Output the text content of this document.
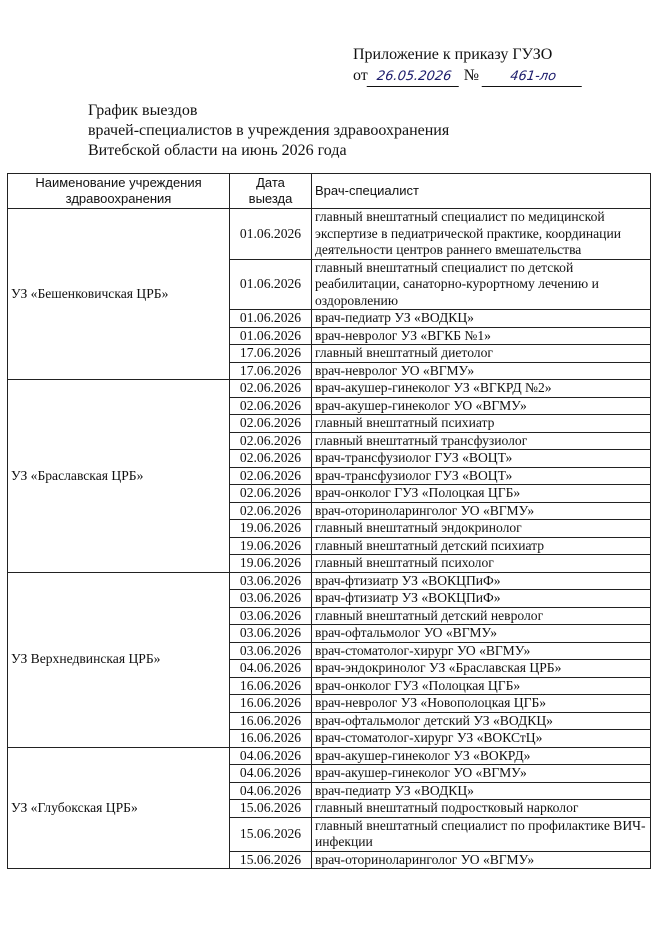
Приложение к приказу ГУЗО
от 26.05.2026 № 461-ло
График выездов
врачей-специалистов в учреждения здравоохранения
Витебской области на июнь 2026 года
Наименование учреждения здравоохранения	Дата выезда	Врач-специалист
УЗ «Бешенковичская ЦРБ»	01.06.2026	главный внештатный специалист по медицинской экспертизе в педиатрической практике, координации деятельности центров раннего вмешательства
	01.06.2026	главный внештатный специалист по детской реабилитации, санаторно-курортному лечению и оздоровлению
	01.06.2026	врач-педиатр УЗ «ВОДКЦ»
	01.06.2026	врач-невролог УЗ «ВГКБ №1»
	17.06.2026	главный внештатный диетолог
	17.06.2026	врач-невролог УО «ВГМУ»
УЗ «Браславская ЦРБ»	02.06.2026	врач-акушер-гинеколог УЗ «ВГКРД №2»
	02.06.2026	врач-акушер-гинеколог УО «ВГМУ»
	02.06.2026	главный внештатный психиатр
	02.06.2026	главный внештатный трансфузиолог
	02.06.2026	врач-трансфузиолог ГУЗ «ВОЦТ»
	02.06.2026	врач-трансфузиолог ГУЗ «ВОЦТ»
	02.06.2026	врач-онколог ГУЗ «Полоцкая ЦГБ»
	02.06.2026	врач-оториноларинголог УО «ВГМУ»
	19.06.2026	главный внештатный эндокринолог
	19.06.2026	главный внештатный детский психиатр
	19.06.2026	главный внештатный психолог
УЗ Верхнедвинская ЦРБ»	03.06.2026	врач-фтизиатр УЗ «ВОКЦПиФ»
	03.06.2026	врач-фтизиатр УЗ «ВОКЦПиФ»
	03.06.2026	главный внештатный детский невролог
	03.06.2026	врач-офтальмолог УО «ВГМУ»
	03.06.2026	врач-стоматолог-хирург УО «ВГМУ»
	04.06.2026	врач-эндокринолог УЗ «Браславская ЦРБ»
	16.06.2026	врач-онколог ГУЗ «Полоцкая ЦГБ»
	16.06.2026	врач-невролог УЗ «Новополоцкая ЦГБ»
	16.06.2026	врач-офтальмолог детский УЗ «ВОДКЦ»
	16.06.2026	врач-стоматолог-хирург УЗ «ВОКСтЦ»
УЗ «Глубокская ЦРБ»	04.06.2026	врач-акушер-гинеколог УЗ «ВОКРД»
	04.06.2026	врач-акушер-гинеколог УО «ВГМУ»
	04.06.2026	врач-педиатр УЗ «ВОДКЦ»
	15.06.2026	главный внештатный подростковый нарколог
	15.06.2026	главный внештатный специалист по профилактике ВИЧ-инфекции
	15.06.2026	врач-оториноларинголог УО «ВГМУ»
